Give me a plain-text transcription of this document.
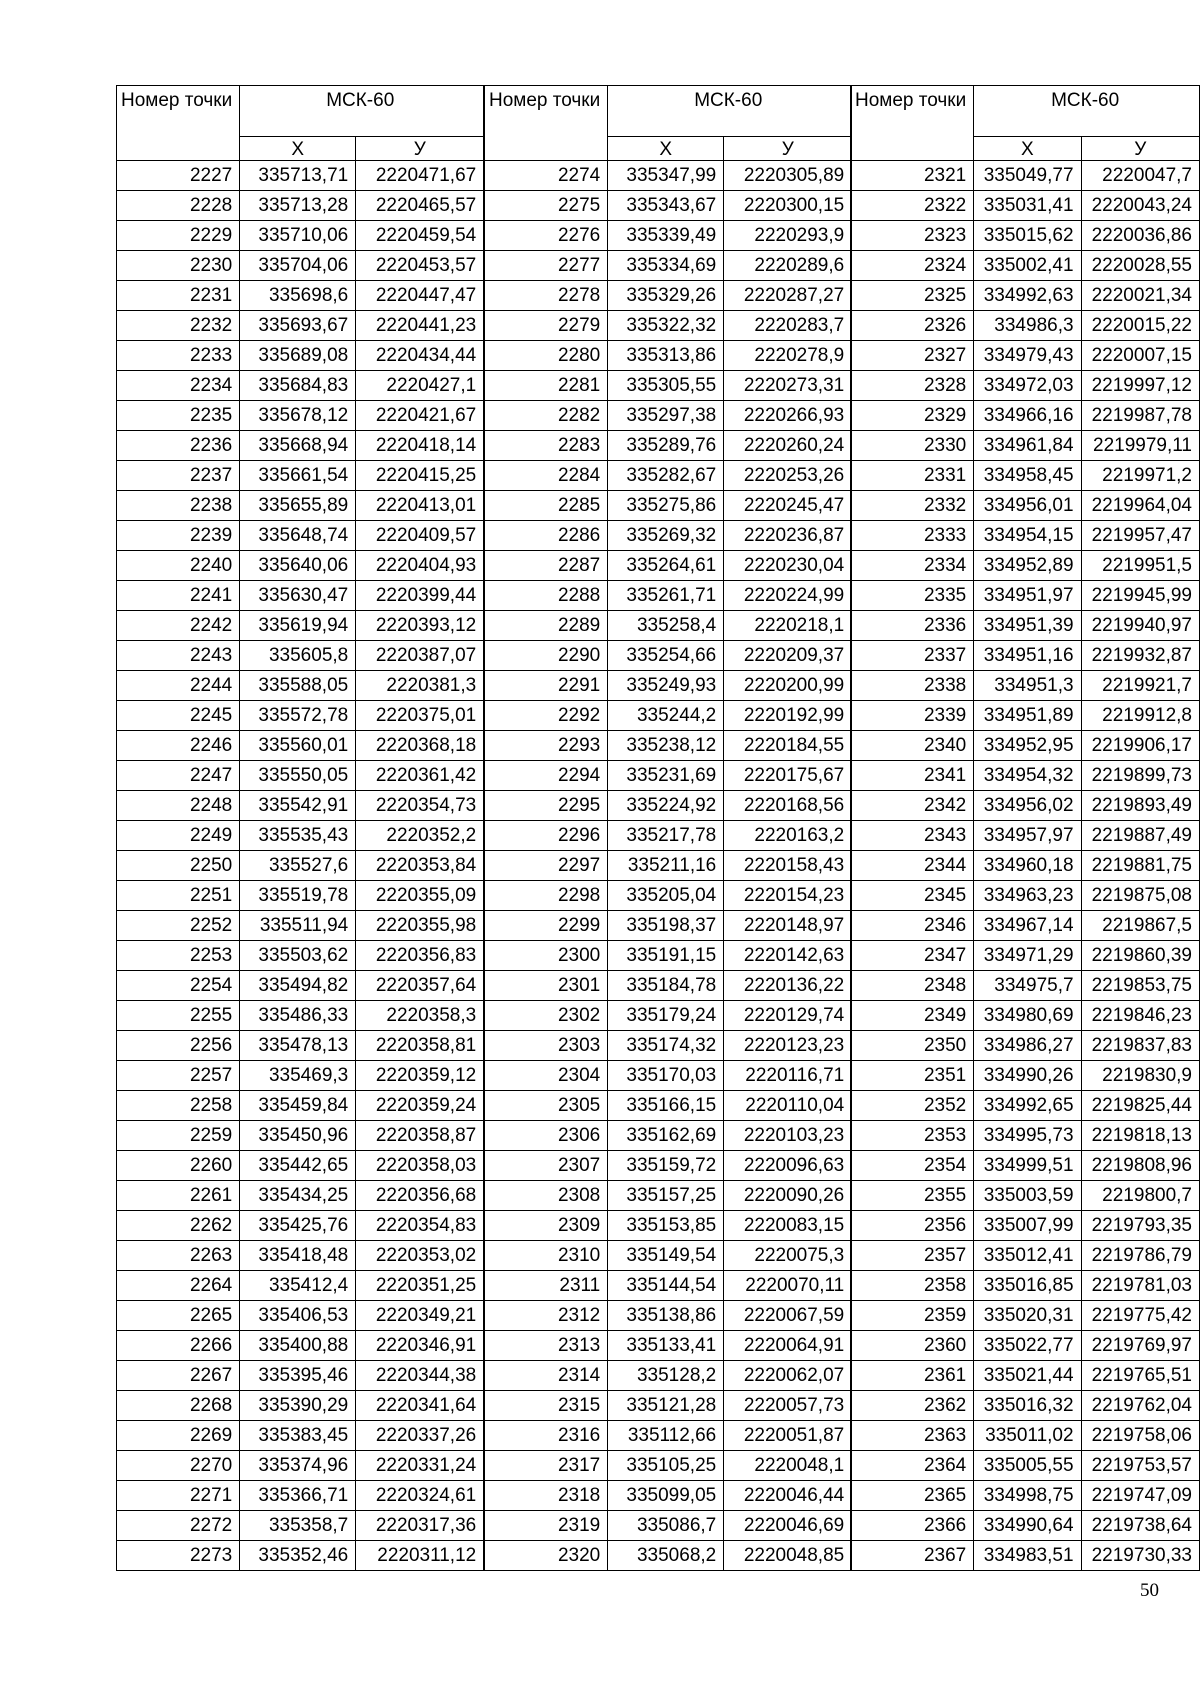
Номер точки	МСК-60	
	X	У
2227	335713,71	2220471,67
2228	335713,28	2220465,57
2229	335710,06	2220459,54
2230	335704,06	2220453,57
2231	335698,6	2220447,47
2232	335693,67	2220441,23
2233	335689,08	2220434,44
2234	335684,83	2220427,1
2235	335678,12	2220421,67
2236	335668,94	2220418,14
2237	335661,54	2220415,25
2238	335655,89	2220413,01
2239	335648,74	2220409,57
2240	335640,06	2220404,93
2241	335630,47	2220399,44
2242	335619,94	2220393,12
2243	335605,8	2220387,07
2244	335588,05	2220381,3
2245	335572,78	2220375,01
2246	335560,01	2220368,18
2247	335550,05	2220361,42
2248	335542,91	2220354,73
2249	335535,43	2220352,2
2250	335527,6	2220353,84
2251	335519,78	2220355,09
2252	335511,94	2220355,98
2253	335503,62	2220356,83
2254	335494,82	2220357,64
2255	335486,33	2220358,3
2256	335478,13	2220358,81
2257	335469,3	2220359,12
2258	335459,84	2220359,24
2259	335450,96	2220358,87
2260	335442,65	2220358,03
2261	335434,25	2220356,68
2262	335425,76	2220354,83
2263	335418,48	2220353,02
2264	335412,4	2220351,25
2265	335406,53	2220349,21
2266	335400,88	2220346,91
2267	335395,46	2220344,38
2268	335390,29	2220341,64
2269	335383,45	2220337,26
2270	335374,96	2220331,24
2271	335366,71	2220324,61
2272	335358,7	2220317,36
2273	335352,46	2220311,12
Номер точки	МСК-60	
	X	У
2274	335347,99	2220305,89
2275	335343,67	2220300,15
2276	335339,49	2220293,9
2277	335334,69	2220289,6
2278	335329,26	2220287,27
2279	335322,32	2220283,7
2280	335313,86	2220278,9
2281	335305,55	2220273,31
2282	335297,38	2220266,93
2283	335289,76	2220260,24
2284	335282,67	2220253,26
2285	335275,86	2220245,47
2286	335269,32	2220236,87
2287	335264,61	2220230,04
2288	335261,71	2220224,99
2289	335258,4	2220218,1
2290	335254,66	2220209,37
2291	335249,93	2220200,99
2292	335244,2	2220192,99
2293	335238,12	2220184,55
2294	335231,69	2220175,67
2295	335224,92	2220168,56
2296	335217,78	2220163,2
2297	335211,16	2220158,43
2298	335205,04	2220154,23
2299	335198,37	2220148,97
2300	335191,15	2220142,63
2301	335184,78	2220136,22
2302	335179,24	2220129,74
2303	335174,32	2220123,23
2304	335170,03	2220116,71
2305	335166,15	2220110,04
2306	335162,69	2220103,23
2307	335159,72	2220096,63
2308	335157,25	2220090,26
2309	335153,85	2220083,15
2310	335149,54	2220075,3
2311	335144,54	2220070,11
2312	335138,86	2220067,59
2313	335133,41	2220064,91
2314	335128,2	2220062,07
2315	335121,28	2220057,73
2316	335112,66	2220051,87
2317	335105,25	2220048,1
2318	335099,05	2220046,44
2319	335086,7	2220046,69
2320	335068,2	2220048,85
Номер точки	МСК-60	
	X	У
2321	335049,77	2220047,7
2322	335031,41	2220043,24
2323	335015,62	2220036,86
2324	335002,41	2220028,55
2325	334992,63	2220021,34
2326	334986,3	2220015,22
2327	334979,43	2220007,15
2328	334972,03	2219997,12
2329	334966,16	2219987,78
2330	334961,84	2219979,11
2331	334958,45	2219971,2
2332	334956,01	2219964,04
2333	334954,15	2219957,47
2334	334952,89	2219951,5
2335	334951,97	2219945,99
2336	334951,39	2219940,97
2337	334951,16	2219932,87
2338	334951,3	2219921,7
2339	334951,89	2219912,8
2340	334952,95	2219906,17
2341	334954,32	2219899,73
2342	334956,02	2219893,49
2343	334957,97	2219887,49
2344	334960,18	2219881,75
2345	334963,23	2219875,08
2346	334967,14	2219867,5
2347	334971,29	2219860,39
2348	334975,7	2219853,75
2349	334980,69	2219846,23
2350	334986,27	2219837,83
2351	334990,26	2219830,9
2352	334992,65	2219825,44
2353	334995,73	2219818,13
2354	334999,51	2219808,96
2355	335003,59	2219800,7
2356	335007,99	2219793,35
2357	335012,41	2219786,79
2358	335016,85	2219781,03
2359	335020,31	2219775,42
2360	335022,77	2219769,97
2361	335021,44	2219765,51
2362	335016,32	2219762,04
2363	335011,02	2219758,06
2364	335005,55	2219753,57
2365	334998,75	2219747,09
2366	334990,64	2219738,64
2367	334983,51	2219730,33
50
